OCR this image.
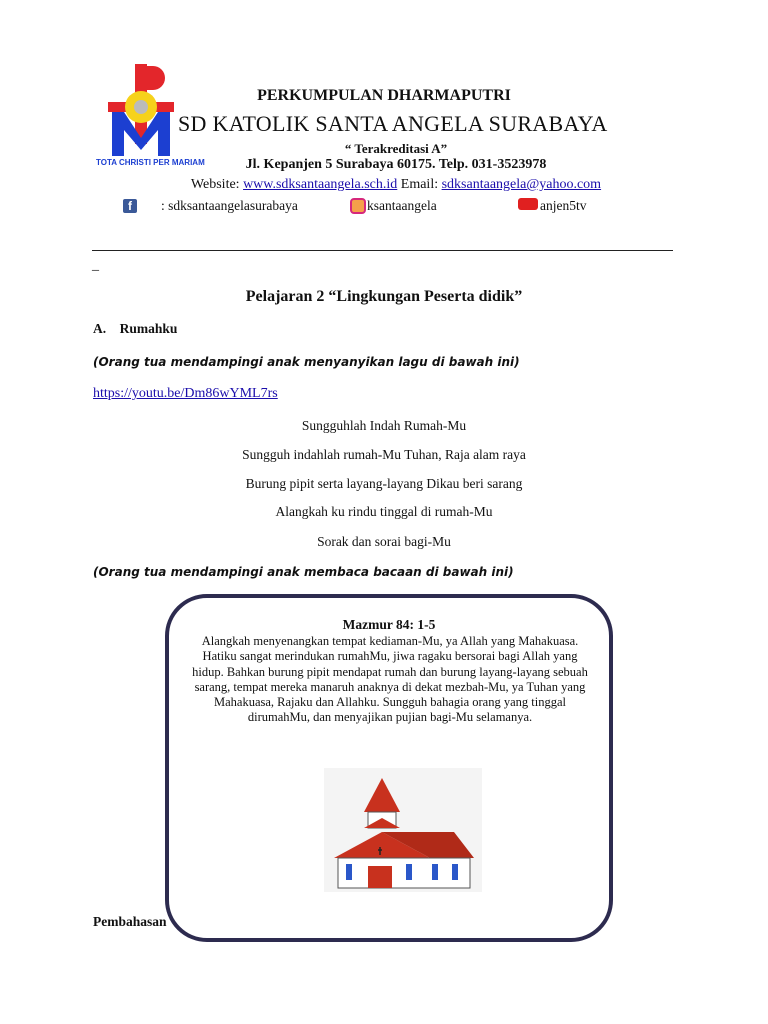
SD KATOLIK SANTA ANGELA SURABAYA
TOTA CHRISTI PER MARIAM
PERKUMPULAN DHARMAPUTRI
“ Terakreditasi A”
Jl. Kepanjen 5 Surabaya 60175. Telp. 031-3523978
Website: www.sdksantaangela.sch.id Email: sdksantaangela@yahoo.com
f	: sdksantaangelasurabaya	ksantaangela	anjen5tv
_
Pelajaran 2 “Lingkungan Peserta didik”
A.    Rumahku
(Orang tua mendampingi anak menyanyikan lagu di bawah ini)
https://youtu.be/Dm86wYML7rs
Sungguhlah Indah Rumah-Mu
Sungguh indahlah rumah-Mu Tuhan, Raja alam raya
Burung pipit serta layang-layang Dikau beri sarang
Alangkah ku rindu tinggal di rumah-Mu
Sorak dan sorai bagi-Mu
(Orang tua mendampingi anak membaca bacaan di bawah ini)
Mazmur 84: 1-5
Alangkah menyenangkan tempat kediaman-Mu, ya Allah yang Mahakuasa. Hatiku sangat merindukan rumahMu, jiwa ragaku bersorai bagi Allah yang hidup. Bahkan burung pipit mendapat rumah dan burung layang-layang sebuah sarang, tempat mereka manaruh anaknya di dekat mezbah-Mu, ya Tuhan yang Mahakuasa, Rajaku dan Allahku. Sungguh bahagia orang yang tinggal dirumahMu, dan menyajikan pujian bagi-Mu selamanya.
Pembahasan
